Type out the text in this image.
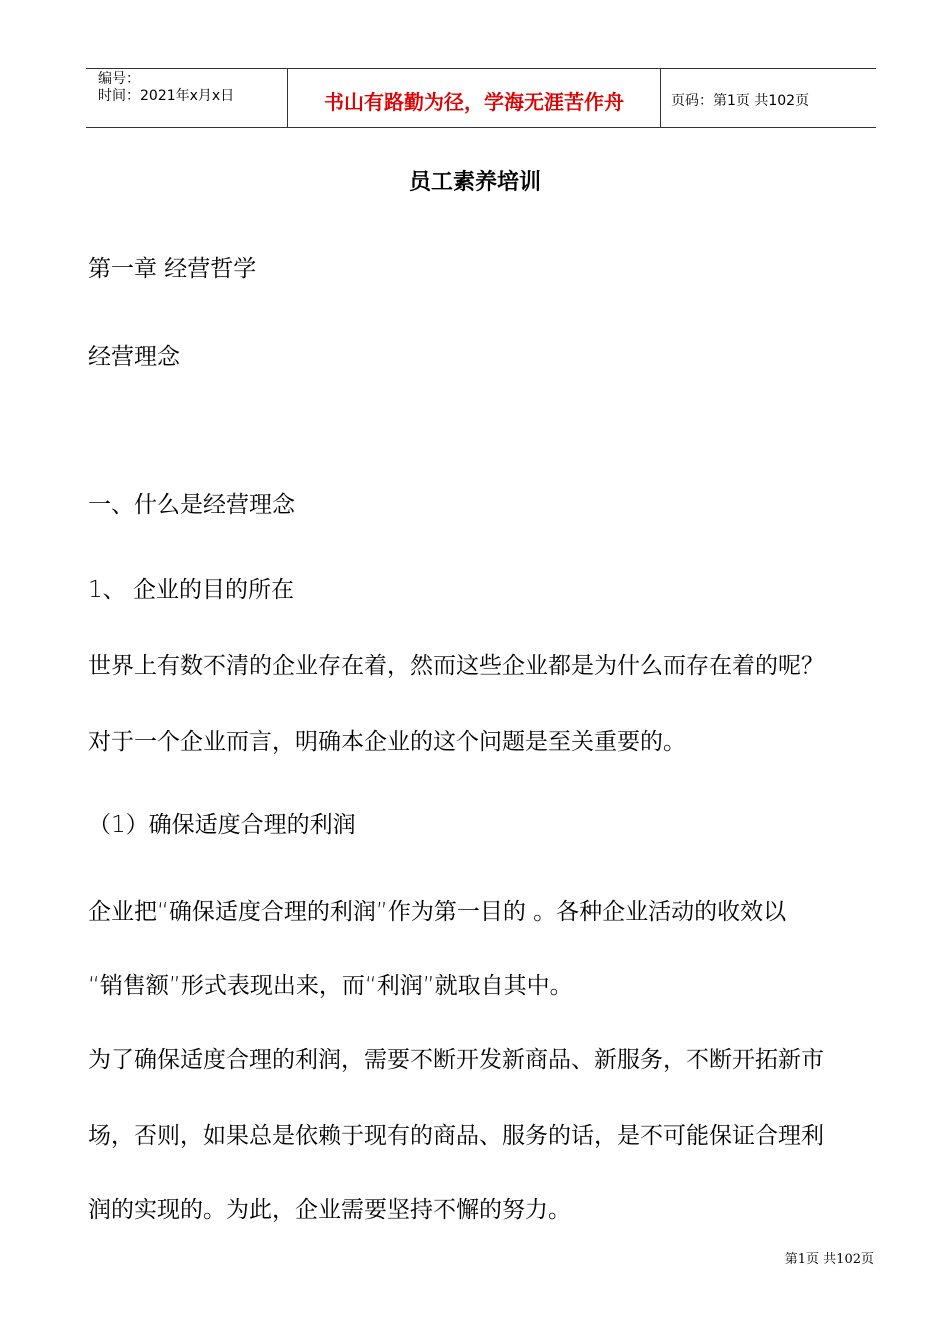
编号：
时间：2021年x月x日	书山有路勤为径，学海无涯苦作舟	页码：第1页 共102页
员工素养培训
第一章 经营哲学
经营理念
一、什么是经营理念
1、 企业的目的所在
世界上有数不清的企业存在着，然而这些企业都是为什么而存在着的呢？
对于一个企业而言，明确本企业的这个问题是至关重要的。
（1）确保适度合理的利润
企业把“确保适度合理的利润”作为第一目的 。各种企业活动的收效以
“销售额”形式表现出来，而“利润”就取自其中。
为了确保适度合理的利润，需要不断开发新商品、新服务，不断开拓新市
场，否则，如果总是依赖于现有的商品、服务的话，是不可能保证合理利
润的实现的。为此，企业需要坚持不懈的努力。
第1页 共102页
